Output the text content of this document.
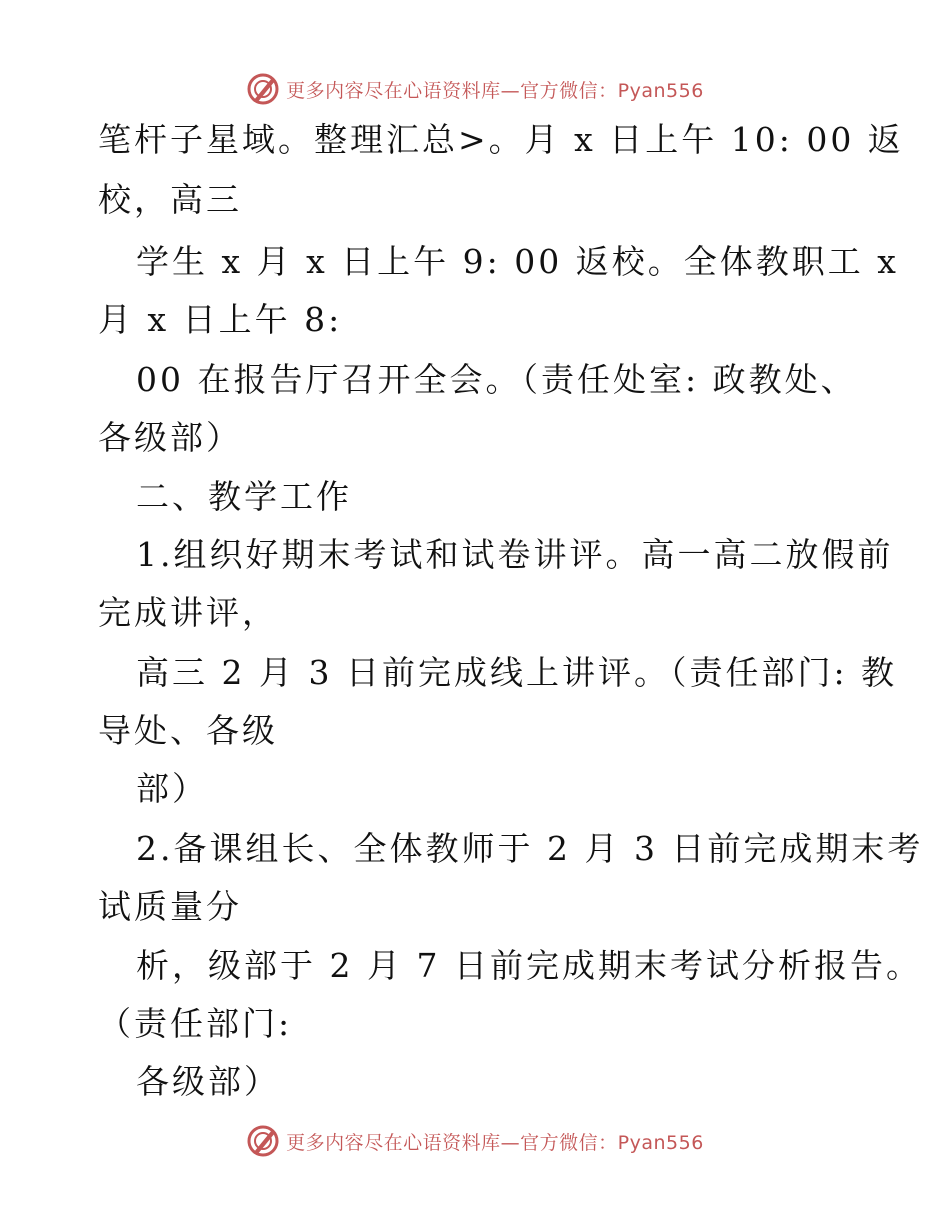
更多内容尽在心语资料库—官方微信：Pyan556
笔杆子星域。整理汇总>。月 x 日上午 10: 00 返
校，高三
学生 x 月 x 日上午 9: 00 返校。全体教职工 x
月 x 日上午 8:
00 在报告厅召开全会。（责任处室: 政教处、
各级部）
二、教学工作
1.组织好期末考试和试卷讲评。高一高二放假前
完成讲评，
高三 2 月 3 日前完成线上讲评。（责任部门: 教
导处、各级
部）
2.备课组长、全体教师于 2 月 3 日前完成期末考
试质量分
析，级部于 2 月 7 日前完成期末考试分析报告。
（责任部门:
各级部）
更多内容尽在心语资料库—官方微信：Pyan556
